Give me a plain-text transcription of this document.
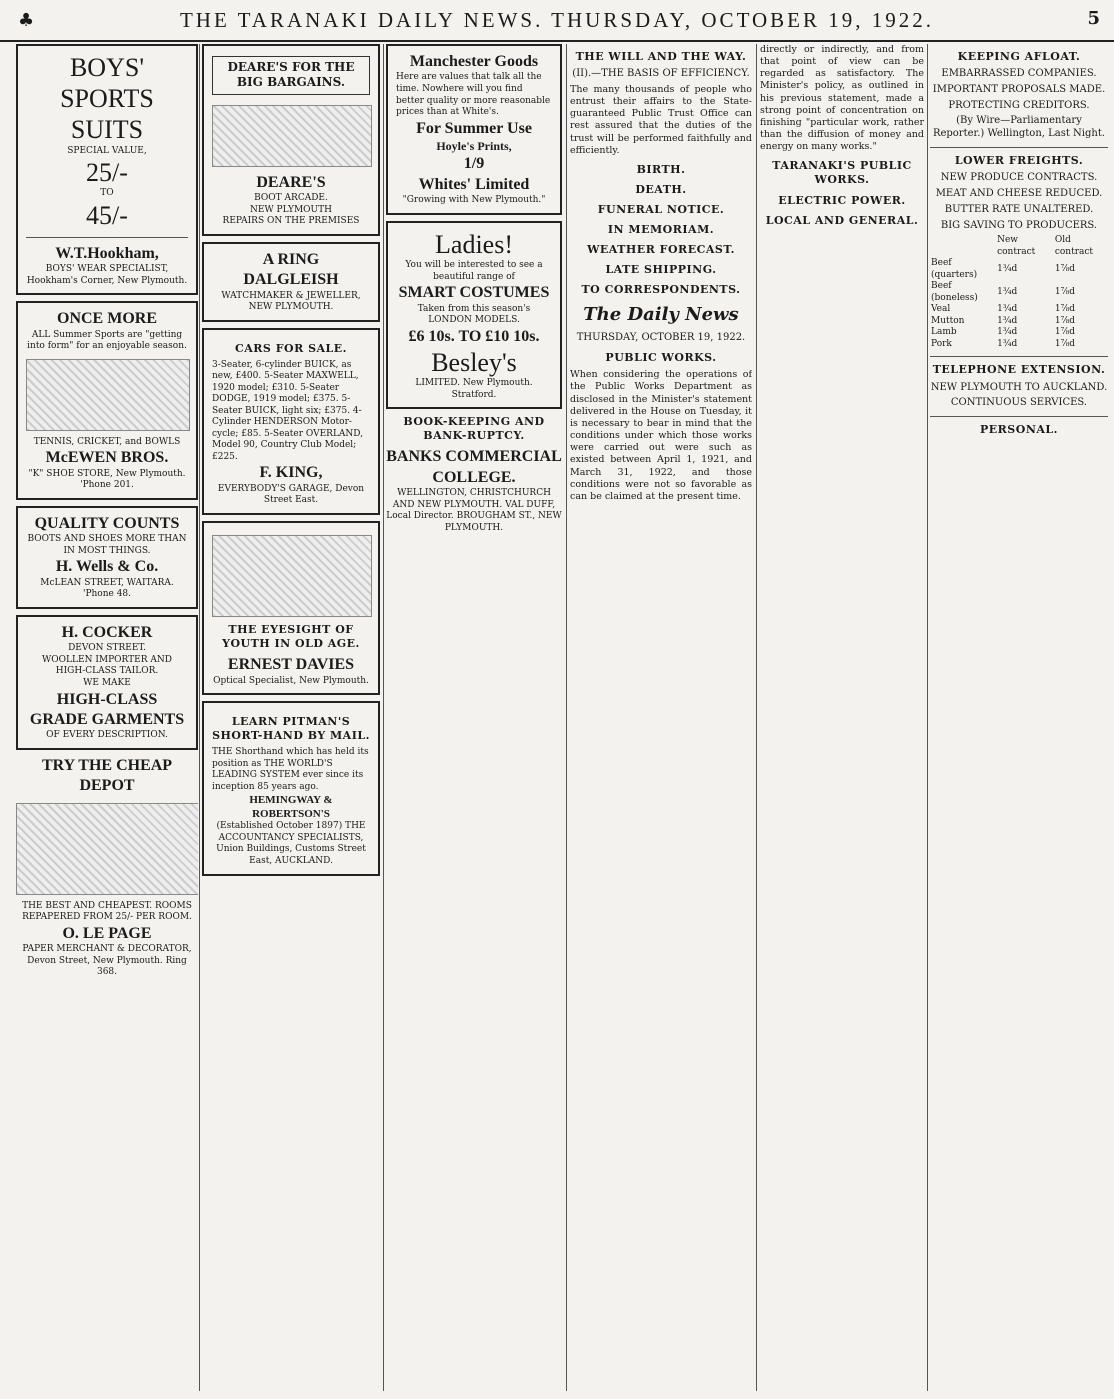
♣	THE TARANAKI DAILY NEWS. THURSDAY, OCTOBER 19, 1922.	5
BOYS' SPORTS SUITS
SPECIAL VALUE,
25/-
TO
45/-
W.T.Hookham,
BOYS' WEAR SPECIALIST,
Hookham's Corner, New Plymouth.
ONCE MORE
ALL Summer Sports are "getting into form" for an enjoyable season.
TENNIS, CRICKET, and BOWLS
McEWEN BROS.
"K" SHOE STORE, New Plymouth. 'Phone 201.
QUALITY COUNTS
BOOTS AND SHOES MORE THAN IN MOST THINGS.
H. Wells & Co.
McLEAN STREET, WAITARA. 'Phone 48.
H. COCKER
DEVON STREET.
WOOLLEN IMPORTER AND HIGH-CLASS TAILOR.
WE MAKE
HIGH-CLASS GRADE GARMENTS
OF EVERY DESCRIPTION.
TRY THE CHEAP DEPOT
THE BEST AND CHEAPEST. ROOMS REPAPERED FROM 25/- PER ROOM.
O. LE PAGE
PAPER MERCHANT & DECORATOR, Devon Street, New Plymouth. Ring 368.
DEARE'S FOR THE BIG BARGAINS.
DEARE'S
BOOT ARCADE.
NEW PLYMOUTH
REPAIRS ON THE PREMISES
A RING
DALGLEISH
WATCHMAKER & JEWELLER, NEW PLYMOUTH.
CARS FOR SALE.
3-Seater, 6-cylinder BUICK, as new, £400. 5-Seater MAXWELL, 1920 model; £310. 5-Seater DODGE, 1919 model; £375. 5-Seater BUICK, light six; £375. 4-Cylinder HENDERSON Motor-cycle; £85. 5-Seater OVERLAND, Model 90, Country Club Model; £225.
F. KING,
EVERYBODY'S GARAGE, Devon Street East.
THE EYESIGHT OF YOUTH IN OLD AGE.
ERNEST DAVIES
Optical Specialist, New Plymouth.
LEARN PITMAN'S SHORT-HAND BY MAIL.
THE Shorthand which has held its position as THE WORLD'S LEADING SYSTEM ever since its inception 85 years ago.
HEMINGWAY & ROBERTSON'S
(Established October 1897) THE ACCOUNTANCY SPECIALISTS, Union Buildings, Customs Street East, AUCKLAND.
Manchester Goods
Here are values that talk all the time. Nowhere will you find better quality or more reasonable prices than at White's.
For Summer Use
Hoyle's Prints,
1/9
Whites' Limited
"Growing with New Plymouth."
Ladies!
You will be interested to see a beautiful range of
SMART COSTUMES
Taken from this season's LONDON MODELS.
£6 10s. TO £10 10s.
Besley's
LIMITED. New Plymouth. Stratford.
BOOK-KEEPING AND BANK-RUPTCY.
BANKS COMMERCIAL COLLEGE.
WELLINGTON, CHRISTCHURCH AND NEW PLYMOUTH. VAL DUFF, Local Director. BROUGHAM ST., NEW PLYMOUTH.
THE WILL AND THE WAY.
(II).—THE BASIS OF EFFICIENCY.

The many thousands of people who entrust their affairs to the State-guaranteed Public Trust Office can rest assured that the duties of the trust will be performed faithfully and efficiently.

BIRTH.
DEATH.
FUNERAL NOTICE.
IN MEMORIAM.
WEATHER FORECAST.
LATE SHIPPING.
TO CORRESPONDENTS.
The Daily News
THURSDAY, OCTOBER 19, 1922.
PUBLIC WORKS.

When considering the operations of the Public Works Department as disclosed in the Minister's statement delivered in the House on Tuesday, it is necessary to bear in mind that the conditions under which those works were carried out were such as existed between April 1, 1921, and March 31, 1922, and those conditions were not so favorable as can be claimed at the present time.

directly or indirectly, and from that point of view can be regarded as satisfactory. The Minister's policy, as outlined in his previous statement, made a strong point of concentration on finishing "particular work, rather than the diffusion of money and energy on many works."

TARANAKI'S PUBLIC WORKS.
ELECTRIC POWER.
LOCAL AND GENERAL.
KEEPING AFLOAT.
EMBARRASSED COMPANIES.
IMPORTANT PROPOSALS MADE.
PROTECTING CREDITORS.
(By Wire—Parliamentary Reporter.) Wellington, Last Night.
LOWER FREIGHTS.
NEW PRODUCE CONTRACTS.
MEAT AND CHEESE REDUCED.
BUTTER RATE UNALTERED.
BIG SAVING TO PRODUCERS.
	New contract	Old contract
Beef (quarters)	1¾d	1⅞d
Beef (boneless)	1¾d	1⅞d
Veal	1¾d	1⅞d
Mutton	1¾d	1⅞d
Lamb	1¾d	1⅞d
Pork	1¾d	1⅞d
TELEPHONE EXTENSION.
NEW PLYMOUTH TO AUCKLAND.
CONTINUOUS SERVICES.
PERSONAL.
